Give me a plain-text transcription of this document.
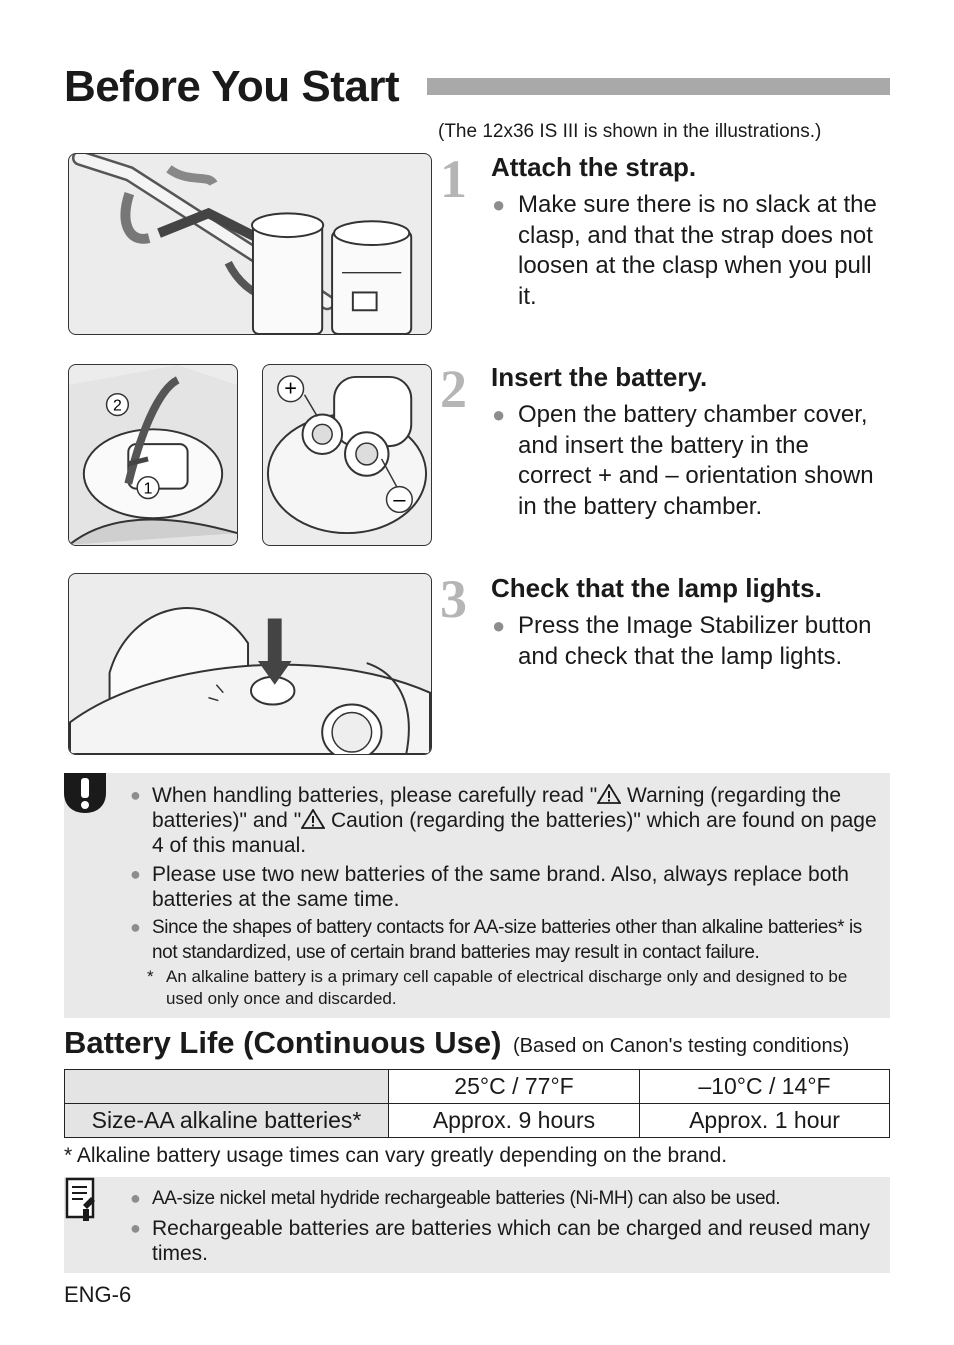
Before You Start
(The 12x36 IS III is shown in the illustrations.)
2
1
+
–
1 Attach the strap.
● Make sure there is no slack at the clasp, and that the strap does not loosen at the clasp when you pull it.
2 Insert the battery.
● Open the battery chamber cover, and insert the battery in the correct + and – orientation shown in the battery chamber.
3 Check that the lamp lights.
● Press the Image Stabilizer button and check that the lamp lights.
● When handling batteries, please carefully read " Warning (regarding the batteries)" and " Caution (regarding the batteries)" which are found on page 4 of this manual.
● Please use two new batteries of the same brand. Also, always replace both batteries at the same time.
● Since the shapes of battery contacts for AA-size batteries other than alkaline batteries* is not standardized, use of certain brand batteries may result in contact failure.
* An alkaline battery is a primary cell capable of electrical discharge only and designed to be used only once and discarded.
Battery Life (Continuous Use) (Based on Canon's testing conditions)
	25°C / 77°F	–10°C / 14°F
Size-AA alkaline batteries*	Approx. 9 hours	Approx. 1 hour
* Alkaline battery usage times can vary greatly depending on the brand.
● AA-size nickel metal hydride rechargeable batteries (Ni-MH) can also be used.
● Rechargeable batteries are batteries which can be charged and reused many times.
ENG-6
